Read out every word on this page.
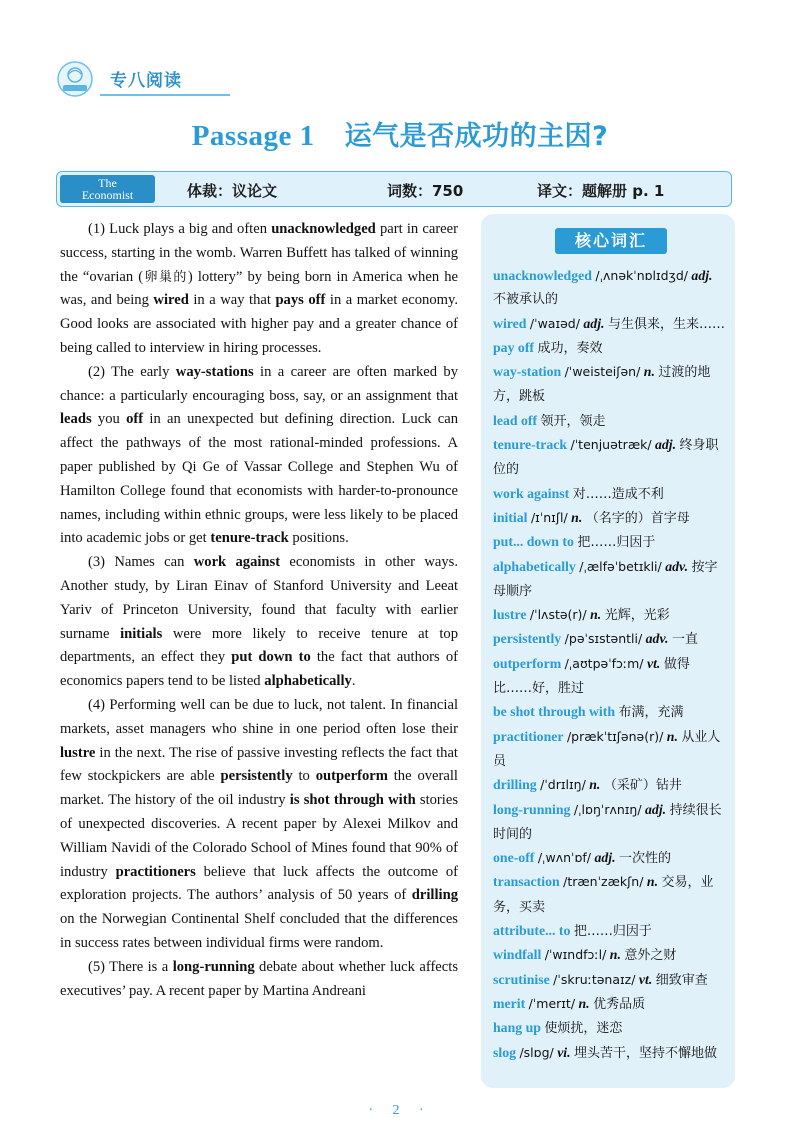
专八阅读
Passage 1 运气是否成功的主因?
The
Economist	体裁：议论文	词数：750	译文：题解册 p. 1

(1) Luck plays a big and often unacknowledged part in career success, starting in the womb. Warren Buffett has talked of winning the “ovarian (卵巢的) lottery” by being born in America when he was, and being wired in a way that pays off in a market economy. Good looks are associated with higher pay and a greater chance of being called to interview in hiring processes.

(2) The early way-stations in a career are often marked by chance: a particularly encouraging boss, say, or an assignment that leads you off in an unexpected but defining direction. Luck can affect the pathways of the most rational-minded professions. A paper published by Qi Ge of Vassar College and Stephen Wu of Hamilton College found that economists with harder-to-pronounce names, including within ethnic groups, were less likely to be placed into academic jobs or get tenure-track positions.

(3) Names can work against economists in other ways. Another study, by Liran Einav of Stanford University and Leeat Yariv of Princeton University, found that faculty with earlier surname initials were more likely to receive tenure at top departments, an effect they put down to the fact that authors of economics papers tend to be listed alphabetically.

(4) Performing well can be due to luck, not talent. In financial markets, asset managers who shine in one period often lose their lustre in the next. The rise of passive investing reflects the fact that few stockpickers are able persistently to outperform the overall market. The history of the oil industry is shot through with stories of unexpected discoveries. A recent paper by Alexei Milkov and William Navidi of the Colorado School of Mines found that 90% of industry practitioners believe that luck affects the outcome of exploration projects. The authors’ analysis of 50 years of drilling on the Norwegian Continental Shelf concluded that the differences in success rates between individual firms were random.

(5) There is a long-running debate about whether luck affects executives’ pay. A recent paper by Martina Andreani

核心词汇
unacknowledged /ˌʌnəkˈnɒlɪdʒd/ adj. 不被承认的
wired /ˈwaɪəd/ adj. 与生俱来，生来……
pay off 成功，奏效
way-station /ˈweisteiʃən/ n. 过渡的地方，跳板
lead off 领开，领走
tenure-track /ˈtenjuətræk/ adj. 终身职位的
work against 对……造成不利
initial /ɪˈnɪʃl/ n. （名字的）首字母
put... down to 把……归因于
alphabetically /ˌælfəˈbetɪkli/ adv. 按字母顺序
lustre /ˈlʌstə(r)/ n. 光辉，光彩
persistently /pəˈsɪstəntli/ adv. 一直
outperform /ˌaʊtpəˈfɔːm/ vt. 做得比……好，胜过
be shot through with 布满，充满
practitioner /prækˈtɪʃənə(r)/ n. 从业人员
drilling /ˈdrɪlɪŋ/ n. （采矿）钻井
long-running /ˌlɒŋˈrʌnɪŋ/ adj. 持续很长时间的
one-off /ˌwʌnˈɒf/ adj. 一次性的
transaction /trænˈzækʃn/ n. 交易，业务，买卖
attribute... to 把……归因于
windfall /ˈwɪndfɔːl/ n. 意外之财
scrutinise /ˈskruːtənaɪz/ vt. 细致审查
merit /ˈmerɪt/ n. 优秀品质
hang up 使烦扰，迷恋
slog /slɒg/ vi. 埋头苦干，坚持不懈地做
· 2 ·
